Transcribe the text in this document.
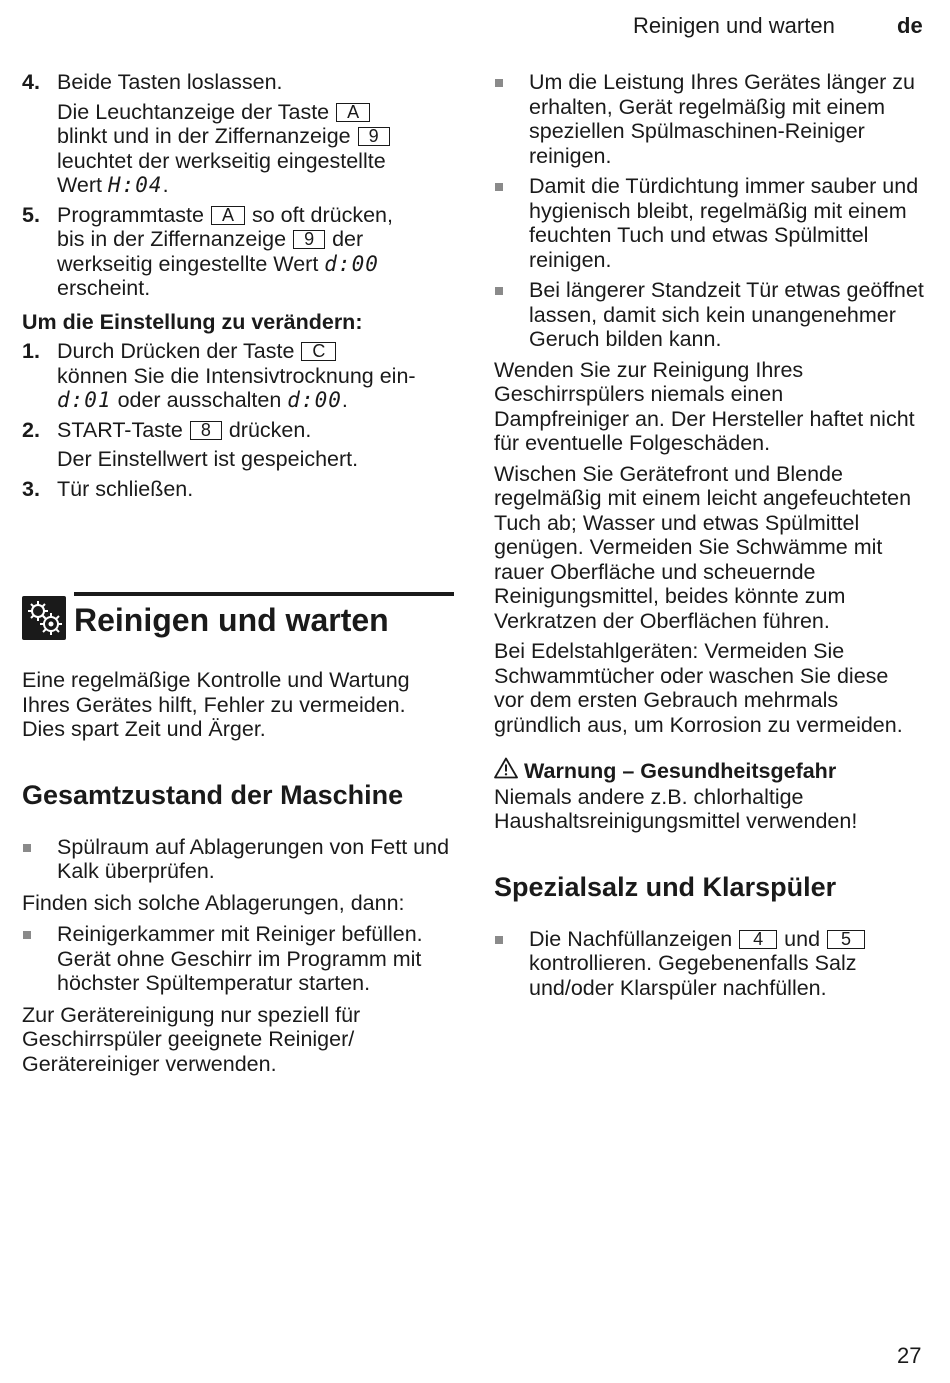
Reinigen und warten	de
4. Beide Tasten loslassen.

Die Leuchtanzeige der Taste A
blinkt und in der Ziffernanzeige 9
leuchtet der werkseitig eingestellte
Wert H:04.

5. Programmtaste A so oft drücken,
bis in der Ziffernanzeige 9 der
werkseitig eingestellte Wert d:00
erscheint.

Um die Einstellung zu verändern:

1. Durch Drücken der Taste C
können Sie die Intensivtrocknung ein-
d:01 oder ausschalten d:00.

2. START-Taste 8 drücken.

Der Einstellwert ist gespeichert.

3. Tür schließen.

Reinigen und warten

Eine regelmäßige Kontrolle und Wartung Ihres Gerätes hilft, Fehler zu vermeiden. Dies spart Zeit und Ärger.

Gesamtzustand der Maschine

Spülraum auf Ablagerungen von Fett und Kalk überprüfen.

Finden sich solche Ablagerungen, dann:

Reinigerkammer mit Reiniger befüllen. Gerät ohne Geschirr im Programm mit höchster Spültemperatur starten.

Zur Gerätereinigung nur speziell für Geschirrspüler geeignete Reiniger/ Gerätereiniger verwenden.

Um die Leistung Ihres Gerätes länger zu erhalten, Gerät regelmäßig mit einem speziellen Spülmaschinen-Reiniger reinigen.

Damit die Türdichtung immer sauber und hygienisch bleibt, regelmäßig mit einem feuchten Tuch und etwas Spülmittel reinigen.

Bei längerer Standzeit Tür etwas geöffnet lassen, damit sich kein unangenehmer Geruch bilden kann.

Wenden Sie zur Reinigung Ihres Geschirrspülers niemals einen Dampfreiniger an. Der Hersteller haftet nicht für eventuelle Folgeschäden.

Wischen Sie Gerätefront und Blende regelmäßig mit einem leicht angefeuchteten Tuch ab; Wasser und etwas Spülmittel genügen. Vermeiden Sie Schwämme mit rauer Oberfläche und scheuernde Reinigungsmittel, beides könnte zum Verkratzen der Oberflächen führen.

Bei Edelstahlgeräten: Vermeiden Sie Schwammtücher oder waschen Sie diese vor dem ersten Gebrauch mehrmals gründlich aus, um Korrosion zu vermeiden.

Warnung – Gesundheitsgefahr

Niemals andere z.B. chlorhaltige Haushaltsreinigungsmittel verwenden!

Spezialsalz und Klarspüler

Die Nachfüllanzeigen 4 und 5 kontrollieren. Gegebenenfalls Salz und/oder Klarspüler nachfüllen.

27
